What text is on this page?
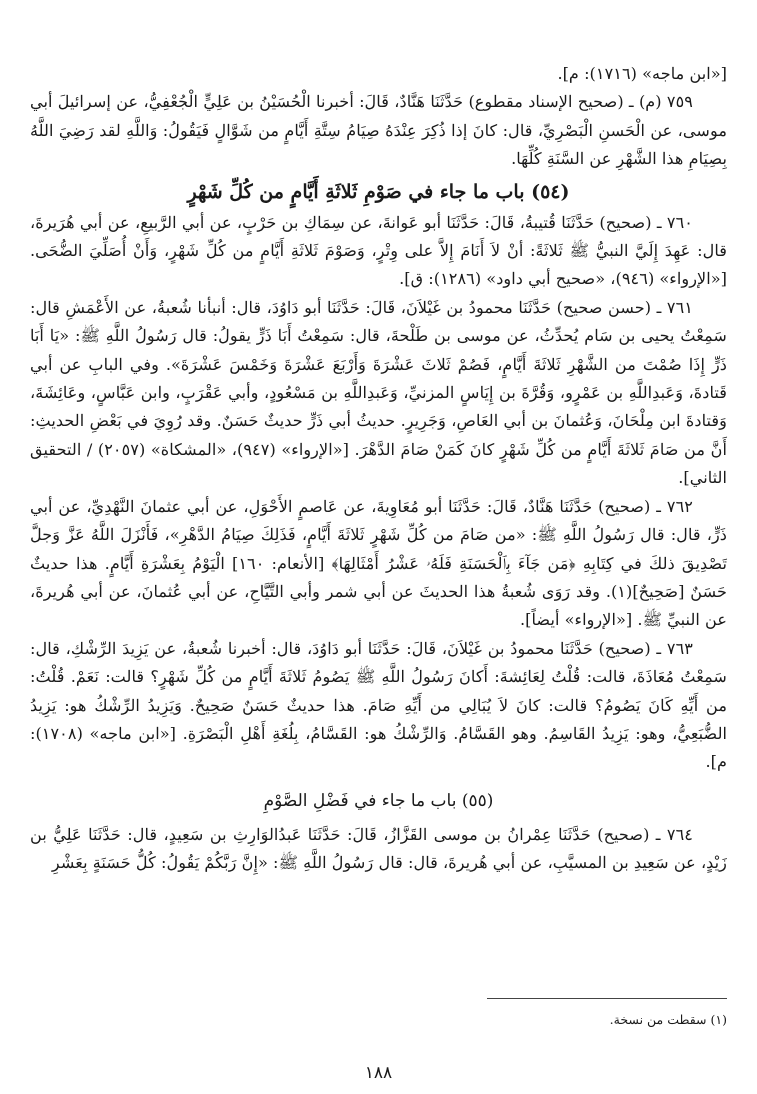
[«ابن ماجه» (١٧١٦): م].

٧٥٩ (م) ـ (صحيح الإسناد مقطوع) حَدَّثَنَا هَنَّادٌ، قَالَ: أخبرنا الْحُسَيْنُ بن عَلِيٍّ الْجُعْفِيُّ، عن إسرائيلَ أبي موسى، عن الْحَسنِ الْبَصْرِيِّ، قال: كانَ إذا ذُكِرَ عِنْدَهُ صِيَامُ سِتَّةِ أَيَّامٍ من شَوَّالٍ فَيَقُولُ: وَاللَّهِ لقد رَضِيَ اللَّهُ بِصِيَامِ هذا الشَّهْرِ عن السَّنَةِ كُلِّهَا.

(٥٤) باب ما جاء في صَوْمِ ثَلاثَةِ أَيَّامٍ من كُلِّ شَهْرٍ

٧٦٠ ـ (صحيح) حَدَّثَنَا قُتيبةُ، قَالَ: حَدَّثَنَا أبو عَوانةَ، عن سِمَاكِ بن حَرْبٍ، عن أبي الرَّبيعِ، عن أبي هُرَيرةَ، قال: عَهِدَ إِلَيَّ النبيُّ ﷺ ثَلاثَةً: أنْ لاَ أَنَامَ إِلاَّ على وِتْرٍ، وَصَوْمَ ثَلاثَةِ أَيَّامٍ من كُلِّ شَهْرٍ، وَأَنْ أُصَلِّيَ الضُّحَى. [«الإرواء» (٩٤٦)، «صحيح أبي داود» (١٢٨٦): ق].

٧٦١ ـ (حسن صحيح) حَدَّثَنَا محمودُ بن غَيْلاَنَ، قَالَ: حَدَّثَنَا أبو دَاوُدَ، قال: أنبأنا شُعبةُ، عن الأَعْمَشِ قال: سَمِعْتُ يحيى بن سَام يُحدِّثُ، عن موسى بن طَلْحةَ، قال: سَمِعْتُ أَبَا ذَرٍّ يقولُ: قال رَسُولُ اللَّهِ ﷺ: «يَا أَبَا ذَرٍّ إِذَا صُمْتَ من الشَّهْرِ ثَلاثَةَ أَيَّامٍ، فَصُمْ ثَلاثَ عَشْرَةَ وَأَرْبَعَ عَشْرَةَ وَخَمْسَ عَشْرَةَ». وفي البابِ عن أبي قَتادةَ، وَعَبدِاللَّهِ بن عَمْرٍو، وَقُرَّةَ بن إِيَاسٍ المزنيِّ، وَعَبدِاللَّهِ بن مَسْعُودٍ، وأبي عَقْرَبٍ، وابن عَبَّاسٍ، وعَائِشَةَ، وَقتادةَ ابن مِلْحَانَ، وَعُثمانَ بن أبي العَاصِ، وَجَرِيرٍ. حديثُ أبي ذَرٍّ حديثٌ حَسَنٌ. وقد رُوِيَ في بَعْضِ الحديثِ: أَنَّ من صَامَ ثَلاثَةَ أَيَّامٍ من كُلِّ شَهْرٍ كانَ كَمَنْ صَامَ الدَّهْرَ. [«الإرواء» (٩٤٧)، «المشكاة» (٢٠٥٧) / التحقيق الثاني].

٧٦٢ ـ (صحيح) حَدَّثَنَا هَنَّادٌ، قَالَ: حَدَّثَنَا أبو مُعَاوِيةَ، عن عَاصمٍ الأَحْوَلِ، عن أبي عثمانَ النَّهْدِيِّ، عن أبي ذَرٍّ، قال: قال رَسُولُ اللَّهِ ﷺ: «من صَامَ من كُلِّ شَهْرٍ ثَلاثَةَ أَيَّامٍ، فَذَلِكَ صِيَامُ الدَّهْرِ»، فَأَنْزَلَ اللَّهُ عَزَّ وَجلَّ تَصْدِيقَ ذلكَ في كِتَابِهِ ﴿مَن جَآءَ بِٱلْحَسَنَةِ فَلَهُۥ عَشْرُ أَمْثَالِهَا﴾ [الأنعام: ١٦٠] الْيَوْمُ بِعَشْرَةِ أَيَّامٍ. هذا حديثٌ حَسَنٌ [صَحِيحٌ](١). وقد رَوَى شُعبةُ هذا الحديثَ عن أبي شمر وأبي التَّيَّاحِ، عن أبي عُثمانَ، عن أبي هُريرةَ، عن النبيِّ ﷺ. [«الإرواء» أيضاً].

٧٦٣ ـ (صحيح) حَدَّثَنَا محمودُ بن غَيْلاَنَ، قَالَ: حَدَّثَنَا أبو دَاوُدَ، قال: أخبرنا شُعبةُ، عن يَزِيدَ الرِّشْكِ، قال: سَمِعْتُ مُعَاذَةَ، قالت: قُلْتُ لِعَائِشةَ: أَكانَ رَسُولُ اللَّهِ ﷺ يَصُومُ ثَلاثَةَ أَيَّامٍ من كُلِّ شَهْرٍ؟ قالت: نَعَمْ. قُلْتُ: من أَيِّهِ كَانَ يَصُومُ؟ قالت: كانَ لاَ يُبَالِي من أَيِّهِ صَامَ. هذا حديثٌ حَسَنٌ صَحِيحٌ. وَيَزِيدُ الرِّشْكُ هو: يَزِيدُ الضُّبَعِيُّ، وهو: يَزِيدُ القَاسِمُ. وهو القَسَّامُ. وَالرِّشْكُ هو: القَسَّامُ، بِلُغَةِ أَهْلِ الْبَصْرَةِ. [«ابن ماجه» (١٧٠٨): م].

(٥٥) باب ما جاء في فَضْلِ الصَّوْمِ

٧٦٤ ـ (صحيح) حَدَّثَنَا عِمْرانُ بن موسى القَزَّازُ، قَالَ: حَدَّثَنَا عَبدُالوَارِثِ بن سَعِيدٍ، قال: حَدَّثَنَا عَلِيُّ بن زَيْدٍ، عن سَعِيدِ بن المسيَّبِ، عن أبي هُريرةَ، قال: قال رَسُولُ اللَّهِ ﷺ: «إِنَّ رَبَّكُمْ يَقُولُ: كُلُّ حَسَنَةٍ بِعَشْرِ

(١) سقطت من نسخة.
١٨٨
